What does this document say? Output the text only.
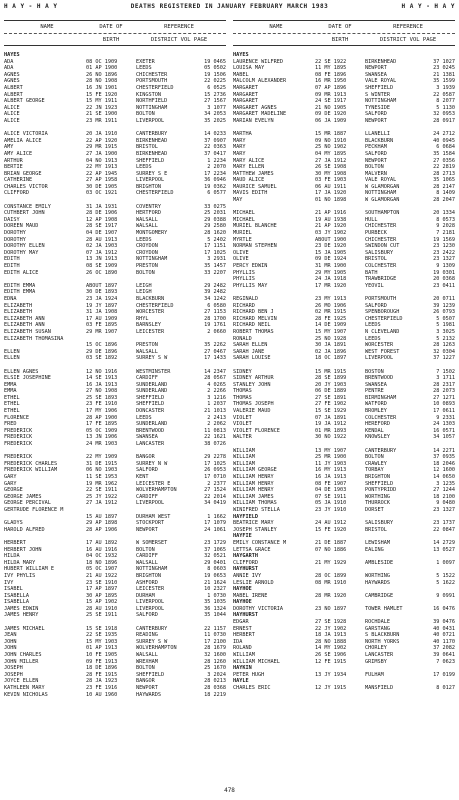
H A Y - H A Y	DEATHS REGISTERED IN JANUARY FEBRUARY MARCH 1983	H A Y - H A Y
NAME	DATE OF	REFERENCE
BIRTH	DISTRICT VOL PAGE
NAME	DATE OF	REFERENCE
BIRTH	DISTRICT VOL PAGE
HAYES
ADA	08 OC 1909	EXETER	19 0465
ADA	01 AP 1900	LEEDS	05 0502
AGNES	26 NO 1896	CHICHESTER	19 1506
AGNES	28 NO 1908	PORTSMOUTH	22 0225
ALBERT	16 JN 1901	CHESTERFIELD	6 0525
ALBERT	15 FE 1920	KINGSTON	15 2736
ALBERT GEORGE	15 MY 1911	NORTHFIELD	27 1567
ALICE	22 JN 1923	NOTTINGHAM	3 1077
ALICE	21 SE 1900	BOLTON	34 2053
ALICE	23 MR 1911	LIVERPOOL	35 2025
ALICE VICTORIA	20 JA 1910	CANTERBURY	14 0233
AMELIA ALICE	22 AP 1920	BIRKENHEAD	37 0907
AMY	29 MR 1915	BRISTOL	22 0363
AMY ALICE	27 JA 1900	BIRKENHEAD	37 0417
ARTHUR	04 NO 1913	SHEFFIELD	1 2234
BERTIE	22 MY 1913	LEEDS	2 2070
BRIAN GEORGE	22 AP 1945	SURREY S E	17 2234
CATHERINE	27 AP 1958	LIVERPOOL	36 0946
CHARLES VICTOR	30 DE 1905	BRIGHTON	19 0362
CLIFFORD	03 OC 1921	CHESTERFIELD	6 0577
CONSTANCE EMILY	31 JA 1931	COVENTRY	33 0275
CUTHBERT JOHN	28 DE 1906	HERTFORD	25 2031
DAISY	12 AP 1908	WALSALL	29 0388
DOREEN MAUD	28 SE 1917	WALSALL	29 2580
DOROTHY	04 DE 1907	MONTGOMERY	28 1620
DOROTHY	28 AU 1913	LEEDS	5 2402
DOROTHY ELLEN	02 JA 1903	CROYDON	17 1151
DOROTHY MAY	07 JA 1912	CROYDON	17 1025
EDITH	13 JN 1913	NOTTINGHAM	3 2931
EDITH	08 SE 1909	PRESTON	35 1457
EDITH ALICE	26 OC 1890	BOLTON	33 2207
EDITH EMMA	ABOUT 1897	LEIGH	29 2482
EDITH EMMA	30 DE 1893	LEIGH	39 2482
EDNA	23 JA 1924	BLACKBURN	34 1242
ELIZABETH	19 JY 1897	CHESTERFIELD	6 0580
ELIZABETH	31 JA 1908	WORCESTER	27 1153
ELIZABETH ANN	17 AU 1909	RHYL	28 1700
ELIZABETH ANN	03 FE 1895	BARNSLEY	19 1761
ELIZABETH SUSAN	29 MR 1907	LEICESTER	2 0660
ELIZABETH THOMASINA
15 OC 1896	PRESTON	35 2262
ELLEN	29 DE 1896	WALSALL	27 0467
ELLEN	03 SE 1892	SURREY S W	17 1433
ELLEN AGNES	12 NO 1916	WESTMINSTER	14 2347
ELSIE JOSEPHINE	14 SE 1913	CARDIFF	28 0567
EMMA	16 JA 1913	SUNDERLAND	4 0265
EMMA	27 NO 1908	SUNDERLAND	2 2266
ETHEL	25 SE 1893	SHEFFIELD	3 1216
ETHEL	23 FE 1910	SHEFFIELD	1 2037
ETHEL	17 MY 1906	DONCASTER	21 1013
FLORENCE	28 AP 1900	LEEDS	2 2413
FRED	17 FE 1895	SUNDERLAND	2 2062
FREDERICK	05 OC 1909	BRENTWOOD	11 0813
FREDERICK	13 JN 1906	SWANSEA	22 1621
FREDERICK	24 MR 1903	LANCASTER	38 0726
FREDERICK	22 MY 1909	BANGOR	29 2278
FREDERICK CHARLES	31 DE 1915	SURREY N W	17 1025
FREDERICK WILLIAM	06 NO 1903	SALFORD	26 0953
GARY	11 SE 1953	KENT	17 0710
GARY	19 MR 1962	LEICESTER E	2 2377
GEORGE	22 SE 1911	WOLVERHAMPTON	27 1524
GEORGE JAMES	25 JY 1922	CARDIFF	22 2014
GEORGE PERCIVAL	27 JA 1912	LIVERPOOL	34 0419
GERTRUDE FLORENCE M
15 AU 1897	DURHAM WEST	1 1662
GLADYS	29 AP 1898	STOCKPORT	17 1079
HAROLD ALFRED	28 AP 1906	NEWPORT	24 1061
HERBERT	17 AU 1892	W SOMERSET	23 1729
HERBERT JOHN	16 AU 1916	BOLTON	37 1065
HILDA	04 OC 1932	CARDIFF	32 0521
HILDA MARY	18 NO 1896	WALSALL	29 0401
HUBERT WILLIAM E	05 OC 1907	NOTTINGHAM	8 0603
IVY PHYLIS	21 AU 1922	BRIGHTON	19 0653
IVY	23 SE 1910	ASHFORD	21 1624
ISABEL	17 AP 1897	LEICESTER	10 2327
ISABELLA	30 AP 1895	DURHAM	1 0730
ISABELLA	15 AP 1902	LIVERPOOL	35 1035
JAMES EDWIN	28 AU 1910	LIVERPOOL	36 1324
JAMES HENRY	25 SE 1911	SALFORD	35 1044
JAMES MICHAEL	15 SE 1918	CANTERBURY	22 1157
JEAN	22 SE 1935	READING	11 0730
JOHN	15 MY 1903	SURREY S W	17 2100
JOHN	01 AP 1913	WOLVERHAMPTON	28 1679
JOHN CHARLES	10 FE 1905	WALSALL	32 1600
JOHN MILLER	09 FE 1913	WREXHAM	28 1260
JOSEPH	18 DE 1896	BOLTON	25 1670
JOSEPH	28 FE 1915	SHEFFIELD	3 2024
JOYCE ELLEN	28 JA 1923	BANGOR	28 0213
KATHLEEN MARY	23 FE 1916	NEWPORT	28 0368
KEVIN NICHOLAS	10 AU 1960	HAYWARDS	18 2219
HAYES
LAURENCE WILFRED	22 SE 1922	BIRKENHEAD	37 1027
LOUISA MAY	11 MY 1895	NEWPORT	23 0245
MABEL	08 FE 1896	SWANSEA	21 1381
MALCOLM ALEXANDER	16 MR 1950	VALE ROYAL	35 1599
MARGARET	07 AP 1896	SHEFFIELD	3 1939
MARGARET	09 MR 1913	S WINTER	22 0587
MARGARET	24 SE 1917	NOTTINGHAM	8 2077
MARGARET AGNES	21 NO 1905	TYNESIDE	5 1130
MARGARET MADELINE	09 DE 1920	SALFORD	32 0953
MARIAN EVELYN	06 JA 1909	NEWPORT	28 0917
MARTHA	15 MR 1887	LLANELLI	24 2712
MARY	09 NO 1910	BLACKBURN	40 0945
MARY	25 NO 1902	PECKHAM	6 0684
MARY	04 MY 1895	SALFORD	35 1584
MARY ALICE	27 JA 1912	NEWPORT	27 0356
MARY ELLEN	26 SE 1908	BOLTON	22 2819
MATTHEW JAMES	30 MY 1908	MALVERN	28 2713
MAUD ALICE	03 FE 1903	VALE ROYAL	35 1065
MAURICE SAMUEL	06 AU 1911	W GLAMORGAN	28 2147
MAVIS EDITH	17 JA 1920	NOTTINGHAM	8 1409
MAY	01 NO 1898	W GLAMORGAN	28 2047
MICHAEL	21 AP 1916	SOUTHAMPTON	20 1334
MICHAEL	19 AU 1938	HULL	8 0573
MURIEL BLANCHE	21 AP 1920	CHICHESTER	9 2028
MURIEL	03 JY 1902	PURBECK	7 2181
MYRTLE	ABOUT 1900	CHICHESTER	19 1569
NORMAN STEPHEN	23 DE 1920	SWINDON CUT	23 1230
OLIVE	15 JA 1905	SALISBURY	23 2422
OLIVE	09 DE 1924	BRISTOL	23 1327
PERCY EDWIN	31 MR 1900	COLCHESTER	9 1309
PHYLLIS	29 MY 1905	BATH	19 0301
PHYLLIS	24 JA 1918	TRAWBRIDGE	20 0368
PHYLLIS MAY	17 MR 1920	YEOVIL	23 0411
REGINALD	23 MY 1913	PORTSMOUTH	20 0711
RICHARD	26 MO 1906	SALFORD	39 1239
RICHARD BEN J	02 MR 1915	SPENBOROUGH	26 0793
RICHARD MELVIN	28 FE 1925	CHESTERFIELD	5 0507
RICHARD NEIL	14 DE 1909	LEEDS	5 1981
ROBERT THOMAS	15 MY 1907	N CLEVELAND	3 3025
RONALD	25 NO 1928	LEEDS	5 2132
SARAH ELLEN	30 JA 1891	WORCESTER	28 1263
SARAH JANE	02 JA 1896	WEST FOREST	32 0304
SARAH LOUISE	18 OC 1897	LIVERPOOL	37 1227
SIDNEY	15 MR 1915	BOSTON	7 1502
SIDNEY ARTHUR	28 SE 1899	BRENTWOOD	3 1711
STANLEY JOHN	20 JY 1903	SWANSEA	28 2317
THOMAS	06 DE 1889	PENTRE	28 2073
THOMAS	27 SE 1891	BIRMINGHAM	27 1271
THOMAS JOSEPH	27 FE 1902	WATFORD	10 0893
VALERIE MAUD	15 SE 1929	BROMLEY	17 0611
VIOLET	07 JA 1891	COLCHESTER	9 2331
VIOLET	19 JA 1912	HEREFORD	24 1303
VIOLET FLORENCE	01 MR 1893	KENDAL	16 0571
WALTER	30 NO 1922	KNOWSLEY	34 1057
WILLIAM	13 MY 1907	CANTERBURY	14 2271
WILLIAM	25 MR 1900	BOLTON	37 0935
WILLIAM	11 JY 1903	CRAWLEY	18 2046
WILLIAM GEORGE	16 MY 1913	TORBAY	12 1600
WILLIAM HENRY	16 JA 1913	BRIGHTON	14 0650
WILLIAM HENRY	08 FE 1907	SHEFFIELD	3 1235
WILLIAM HENRY	04 DE 1903	PONTYPRIDD	27 1244
WILLIAM JAMES	07 SE 1911	WORTHING	18 2100
WILLIAM THOMAS	05 JA 1910	THURROCK	9 0480
WINIFRED STELLA	23 JY 1910	DORSET	23 1327
HAYFIELD
BEATRICE MARY	24 AU 1912	SALISBURY	23 1737
JOSEPH STANLEY	15 FE 1920	BRISTOL	22 0847
HAYFIE
EMILY CONSTANCE M	21 DE 1887	LEWISHAM	14 2729
LETTSA GRACE	07 NO 1886	EALING	13 0527
HAYGARTH
CLIFFORD	21 MY 1929	AMBLESIDE	1 0097
HAYHURST
ANNIE IVY	28 OC 1899	WORTHING	5 1522
LESLIE ARNOLD	08 MR 1910	HAYWARDS	5 1622
HAYHOE
MABEL IRENE	28 MR 1920	CAMBRIDGE	9 0991
HAYHOE
DOROTHY VICTORIA	23 NO 1897	TOWER HAMLET	16 0476
HAYHURST
EDGAR	27 SE 1928	ROCHDALE	39 0476
ERNEST	22 JY 1902	GARSTANG	40 0431
HERBERT	18 JA 1913	S BLACKBURN	40 0721
IDA	28 NO 1888	NORTH YORKS	40 1170
ROLAND	14 MY 1902	CHORLEY	37 2082
WILLIAM	26 SE 1906	LANCASTER	39 0641
WILLIAM MICHAEL	12 FE 1915	GRIMSBY	7 0623
HAYKIN
PETER HUGH	13 JY 1934	FULHAM	17 0199
HAYLE
CHARLES ERIC	12 JY 1915	MANSFIELD	8 0127
478
